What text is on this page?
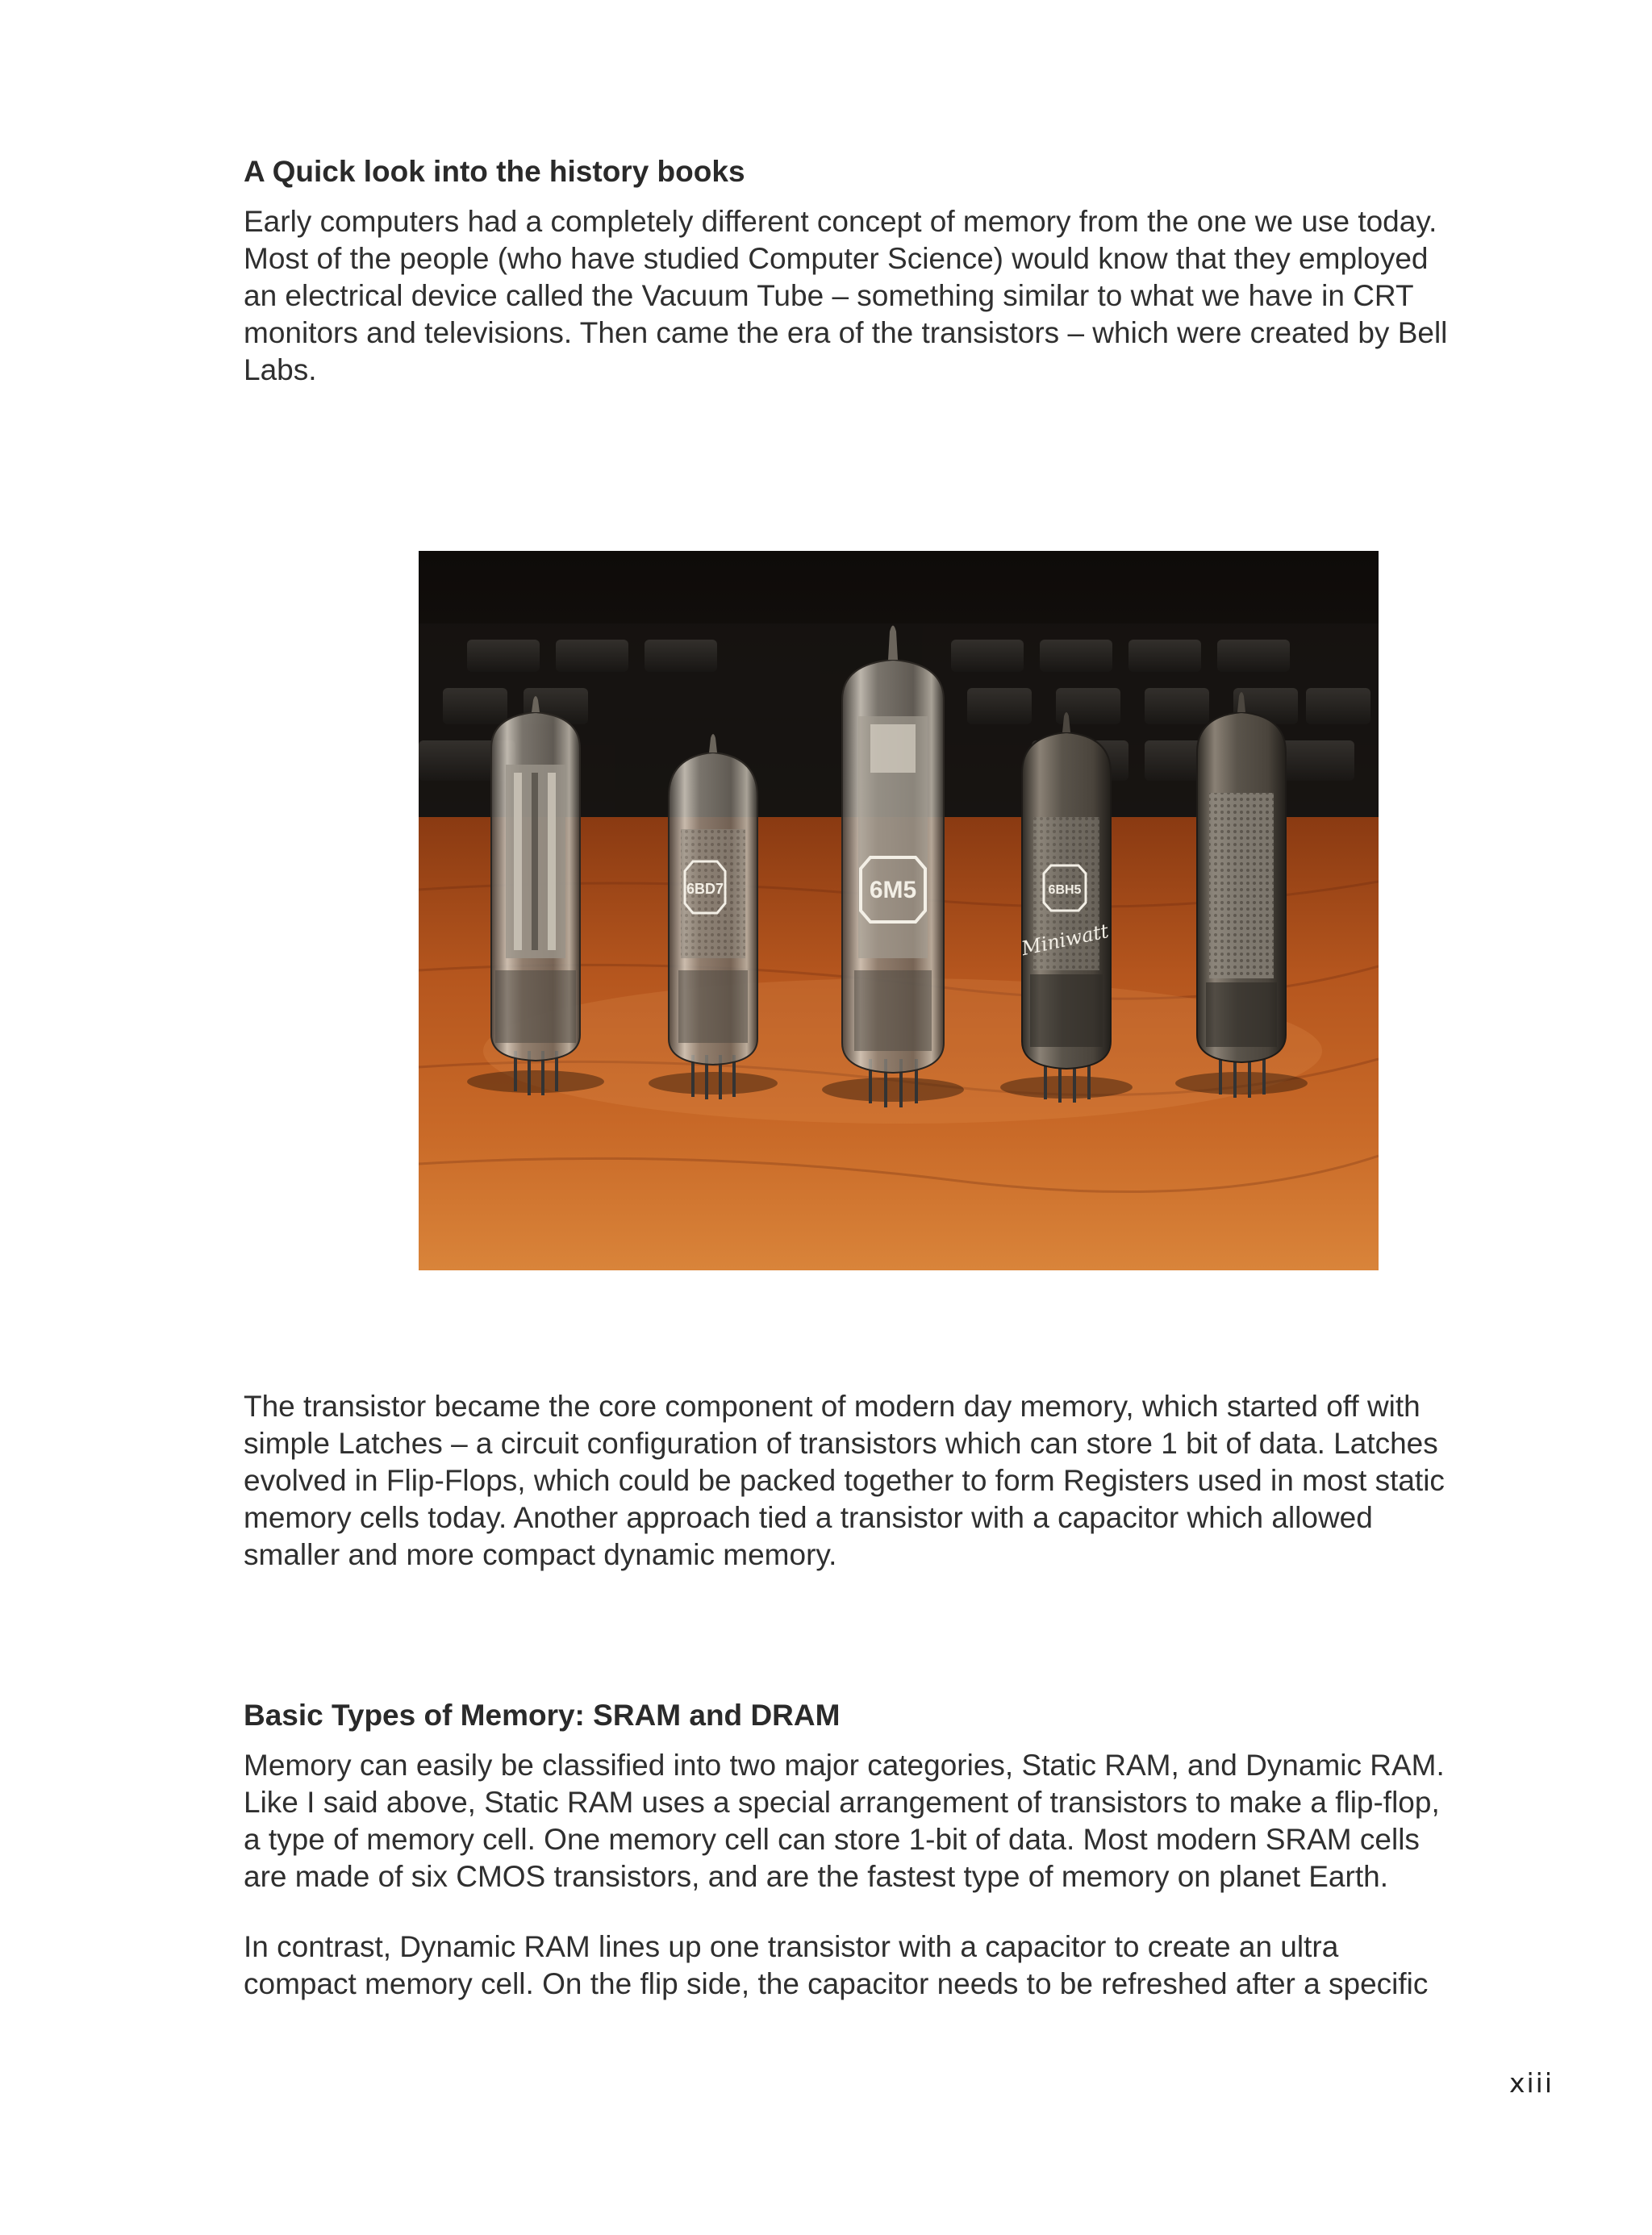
A Quick look into the history books

Early computers had a completely different concept of memory from the one we use today.
Most of the people (who have studied Computer Science) would know that they employed
an electrical device called the Vacuum Tube – something similar to what we have in CRT
monitors and televisions. Then came the era of the transistors – which were created by Bell
Labs.

6BD7	6M5	6BH5
Miniwatt

The transistor became the core component of modern day memory, which started off with
simple Latches – a circuit configuration of transistors which can store 1 bit of data. Latches
evolved in Flip-Flops, which could be packed together to form Registers used in most static
memory cells today. Another approach tied a transistor with a capacitor which allowed
smaller and more compact dynamic memory.

Basic Types of Memory: SRAM and DRAM

Memory can easily be classified into two major categories, Static RAM, and Dynamic RAM.
Like I said above, Static RAM uses a special arrangement of transistors to make a flip-flop,
a type of memory cell. One memory cell can store 1-bit of data. Most modern SRAM cells
are made of six CMOS transistors, and are the fastest type of memory on planet Earth.

In contrast, Dynamic RAM lines up one transistor with a capacitor to create an ultra
compact memory cell. On the flip side, the capacitor needs to be refreshed after a specific

xiii
